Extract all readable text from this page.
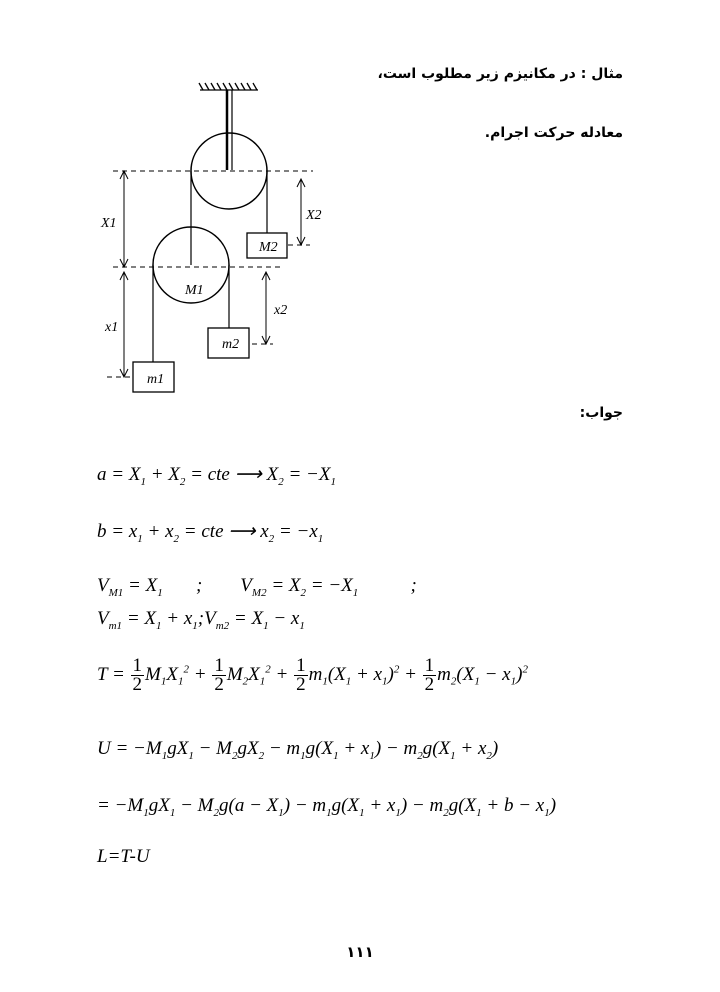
مثال : در مکانیزم زیر مطلوب است،
معادله حرکت اجرام.
جواب:
X1
X2
x1
x2
M1
M2
m2
m1
$a = X_1 + X_2$ = cte ⟶ $X_2 = -X_1$
$b = x_1 + x_2$ = cte ⟶ $x_2 = -x_1$
$V_{M1} = X_1$       ;        $V_{M2} = X_2 = -X_1$           ;
$V_{m1} = X_1$ + $x_1;V_{m2} = X_1 - x_1$
$T = \frac{1}{2} M_1X_1^2 + \frac{1}{2} M_2X_1^2 + \frac{1}{2} m_1(X_1 + x_1)^2 + \frac{1}{2} m_2(X_1 - x_1)^2$
$U = -M_1gX_1 - M_2gX_2 - m_1g(X_1 + x_1) - m_2g(X_1 + x_2)$
= $-M_1gX_1 - M_2g(a - X_1) - m_1g(X_1 + x_1) - m_2g(X_1 + b - x_1)$
L=T-U
۱۱۱
